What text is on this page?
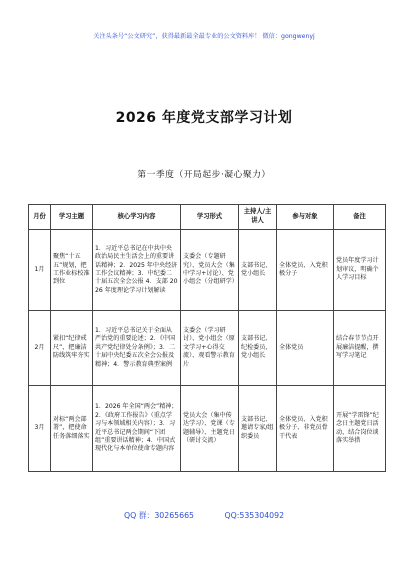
关注头条号“公文研究”，获得最新最全最专业的公文资料库！ 微信：gongwenyj
2026 年度党支部学习计划
第一季度（开局起步·凝心聚力）
月份	学习主题	核心学习内容	学习形式	主持人/主讲人	参与对象	备注
1月	聚焦“十五五”规划，把工作业标校准到位	1．习近平总书记在中共中央政治局民主生活会上的重要讲话精神；2．2025 年中央经济工作会议精神；3．中纪委二十届五次全会公报 4．支部 2026 年度理论学习计划解读	支委会（专题研究）、党员大会（集中学习+讨论）、党小组会（分组研学）	支部书记、党小组长	全体党员、入党积极分子	党员年度学习计划审议，明确个人学习目标
2月	紧扣“纪律戒尺”，把廉洁防线筑牢夯实	1．习近平总书记关于全面从严治党的重要论述；2．《中国共产党纪律处分条例》；3．二十届中央纪委五次全会公报及精神；4．警示教育典型案例	支委会（学习研讨）、党小组会（原文学习+心得交流）、观看警示教育片	支部书记、纪检委员、党小组长	全体党员	结合春节节点开展廉洁提醒，撰写学习笔记
3月	对标“两会部署”，把使命任务落细落实	1．2026 年全国“两会”精神；2．《政府工作报告》（重点学习与本领域相关内容）；3．习近平总书记两会期间“下团组”重要讲话精神；4．中国式现代化与本单位使命专题内容	党员大会（集中传达学习）、党课（专题辅导）、主题党日（研讨交流）	支部书记、邀请专家/组织委员	全体党员、入党积极分子、非党员骨干代表	开展“学雷锋”纪念日主题党日活动，结合岗位谈落实举措
QQ 群：30265665	QQ:535304092
